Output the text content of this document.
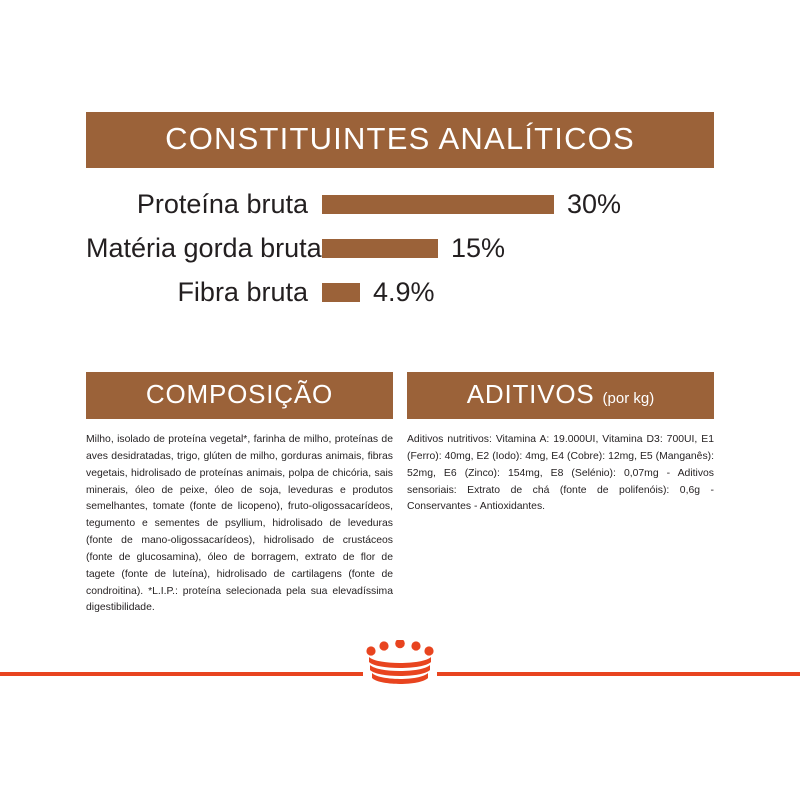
CONSTITUINTES ANALÍTICOS
Proteína bruta	30%
Matéria gorda bruta	15%
Fibra bruta	4.9%
COMPOSIÇÃO
Milho, isolado de proteína vegetal*, farinha de milho, proteínas de aves desidratadas, trigo, glúten de milho, gorduras animais, fibras vegetais, hidrolisado de proteínas animais, polpa de chicória, sais minerais, óleo de peixe, óleo de soja, leveduras e produtos semelhantes, tomate (fonte de licopeno), fruto-oligossacarídeos, tegumento e sementes de psyllium, hidrolisado de leveduras (fonte de mano-oligossacarídeos), hidrolisado de crustáceos (fonte de glucosamina), óleo de borragem, extrato de flor de tagete (fonte de luteína), hidrolisado de cartilagens (fonte de condroitina). *L.I.P.: proteína selecionada pela sua elevadíssima digestibilidade.
ADITIVOS (por kg)
Aditivos nutritivos: Vitamina A: 19.000UI, Vitamina D3: 700UI, E1 (Ferro): 40mg, E2 (Iodo): 4mg, E4 (Cobre): 12mg, E5 (Manganês): 52mg, E6 (Zinco): 154mg, E8 (Selénio): 0,07mg - Aditivos sensoriais: Extrato de chá (fonte de polifenóis): 0,6g - Conservantes - Antioxidantes.
